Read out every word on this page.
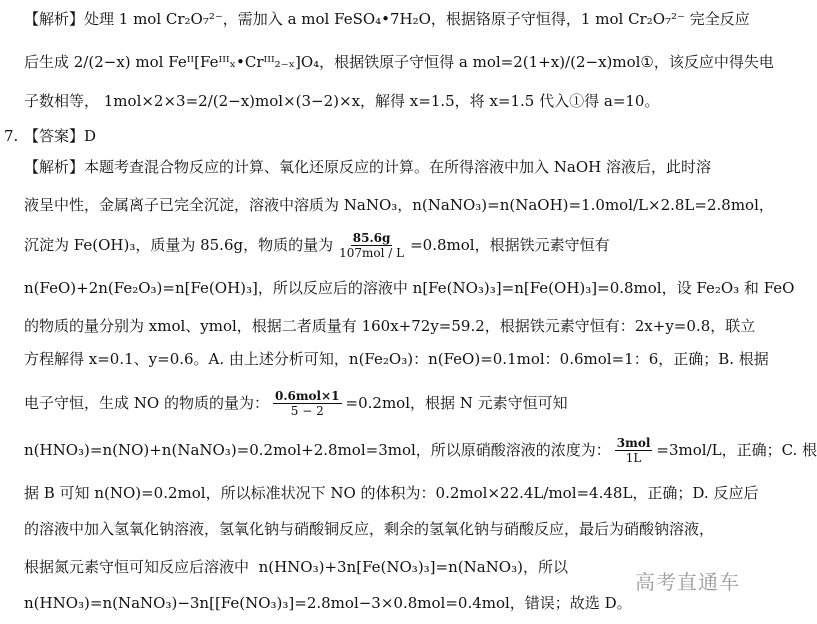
【解析】处理 1 mol Cr₂O₇²⁻，需加入 a mol FeSO₄•7H₂O，根据铬原子守恒得，1 mol Cr₂O₇²⁻ 完全反应
后生成 2/(2−x) mol Feᴵᴵ[Feᴵᴵᴵₓ•Crᴵᴵᴵ₂₋ₓ]O₄，根据铁原子守恒得 a mol=2(1+x)/(2−x)mol①，该反应中得失电
子数相等， 1mol×2×3=2/(2−x)mol×(3−2)×x，解得 x=1.5，将 x=1.5 代入①得 a=10。
7. 【答案】D
【解析】本题考查混合物反应的计算、氧化还原反应的计算。在所得溶液中加入 NaOH 溶液后，此时溶
液呈中性，金属离子已完全沉淀，溶液中溶质为 NaNO₃，n(NaNO₃)=n(NaOH)=1.0mol/L×2.8L=2.8mol，
沉淀为 Fe(OH)₃，质量为 85.6g，物质的量为 $\frac{85.6g}{\text{107mol / L}} =0.8mol$，根据铁元素守恒有
n(FeO)+2n(Fe₂O₃)=n[Fe(OH)₃]，所以反应后的溶液中 n[Fe(NO₃)₃]=n[Fe(OH)₃]=0.8mol，设 Fe₂O₃ 和 FeO
的物质的量分别为 xmol、ymol，根据二者质量有 160x+72y=59.2，根据铁元素守恒有：2x+y=0.8，联立
方程解得 x=0.1、y=0.6。A. 由上述分析可知，n(Fe₂O₃)：n(FeO)=0.1mol：0.6mol=1：6，正确；B. 根据
电子守恒，生成 NO 的物质的量为： $\frac{\text{0.6mol×1}}{5 - 2} =0.2mol$，根据 N 元素守恒可知
n(HNO₃)=n(NO)+n(NaNO₃)=0.2mol+2.8mol=3mol，所以原硝酸溶液的浓度为： $\frac{\text{3mol}}{1L} =3mol/L$，正确；C. 根
据 B 可知 n(NO)=0.2mol，所以标准状况下 NO 的体积为：0.2mol×22.4L/mol=4.48L，正确；D. 反应后
的溶液中加入氢氧化钠溶液，氢氧化钠与硝酸铜反应，剩余的氢氧化钠与硝酸反应，最后为硝酸钠溶液，
根据氮元素守恒可知反应后溶液中
n(HNO₃)+3n[Fe(NO₃)₃]=n(NaNO₃)，所以
n(HNO₃)=n(NaNO₃)−3n[[Fe(NO₃)₃]=2.8mol−3×0.8mol=0.4mol，错误；故选 D。
高考直通车
